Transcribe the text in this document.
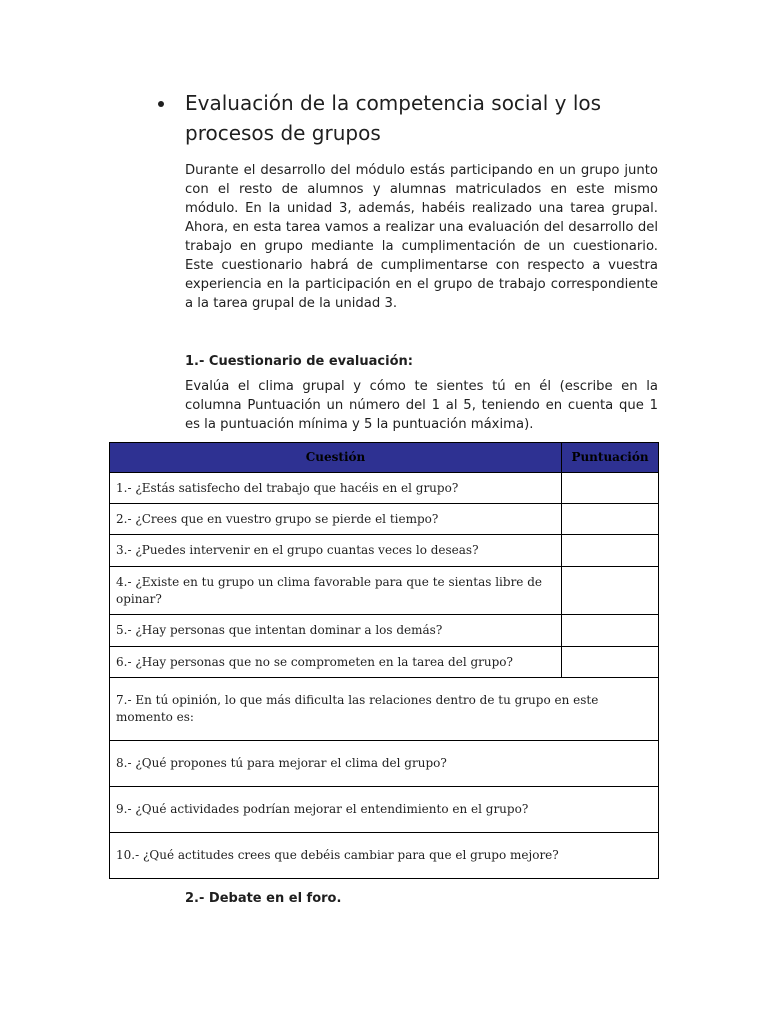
Evaluación de la competencia social y los procesos de grupos

Durante el desarrollo del módulo estás participando en un grupo junto con el resto de alumnos y alumnas matriculados en este mismo módulo. En la unidad 3, además, habéis realizado una tarea grupal. Ahora, en esta tarea vamos a realizar una evaluación del desarrollo del trabajo en grupo mediante la cumplimentación de un cuestionario. Este cuestionario habrá de cumplimentarse con respecto a vuestra experiencia en la participación en el grupo de trabajo correspondiente a la tarea grupal de la unidad 3.

1.- Cuestionario de evaluación:

Evalúa el clima grupal y cómo te sientes tú en él (escribe en la columna Puntuación un número del 1 al 5, teniendo en cuenta que 1 es la puntuación mínima y 5 la puntuación máxima).

Cuestión	Puntuación
1.- ¿Estás satisfecho del trabajo que hacéis en el grupo?	
2.- ¿Crees que en vuestro grupo se pierde el tiempo?	
3.- ¿Puedes intervenir en el grupo cuantas veces lo deseas?	
4.- ¿Existe en tu grupo un clima favorable para que te sientas libre de opinar?	
5.- ¿Hay personas que intentan dominar a los demás?	
6.- ¿Hay personas que no se comprometen en la tarea del grupo?	
7.- En tú opinión, lo que más dificulta las relaciones dentro de tu grupo en este momento es:	
8.- ¿Qué propones tú para mejorar el clima del grupo?	
9.- ¿Qué actividades podrían mejorar el entendimiento en el grupo?	
10.- ¿Qué actitudes crees que debéis cambiar para que el grupo mejore?	
2.- Debate en el foro.
